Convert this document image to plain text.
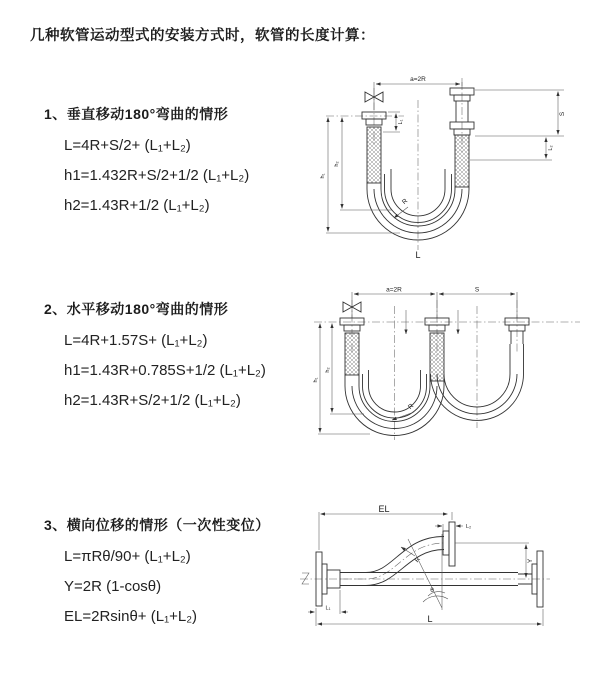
几种软管运动型式的安装方式时，软管的长度计算：
1、垂直移动180°弯曲的情形

L=4R+S/2+ (L₁+L₂)

h1=1.432R+S/2+1/2 (L₁+L₂)

h2=1.43R+1/2 (L₁+L₂)

a=2R
h₁
h₂
L₁
S
L₂
R
L
2、水平移动180°弯曲的情形

L=4R+1.57S+ (L₁+L₂)

h1=1.43R+0.785S+1/2 (L₁+L₂)

h2=1.43R+S/2+1/2 (L₁+L₂)

a=2R	S
h₁
h₂
R
3、横向位移的情形（一次性变位）

L=πRθ/90+ (L₁+L₂)

Y=2R (1-cosθ)

EL=2Rsinθ+ (L₁+L₂)

EL
L₂
Y
L
L₁
R
θ
